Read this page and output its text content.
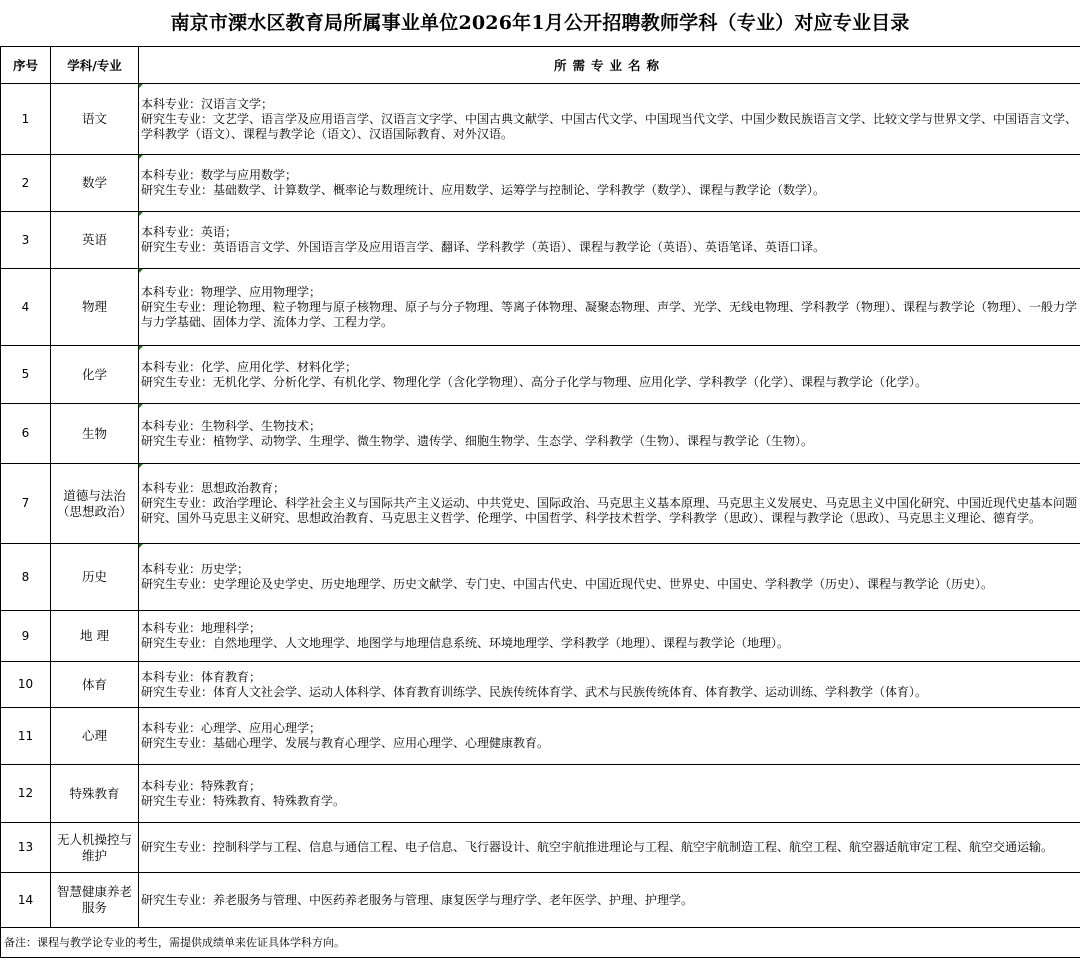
南京市溧水区教育局所属事业单位2026年1月公开招聘教师学科（专业）对应专业目录
序号	学科/专业	所需专业名称
1	语文	本科专业：汉语言文学；
研究生专业：文艺学、语言学及应用语言学、汉语言文字学、中国古典文献学、中国古代文学、中国现当代文学、中国少数民族语言文学、比较文学与世界文学、中国语言文学、学科教学（语文）、课程与教学论（语文）、汉语国际教育、对外汉语。

2	数学	本科专业：数学与应用数学；
研究生专业：基础数学、计算数学、概率论与数理统计、应用数学、运筹学与控制论、学科教学（数学）、课程与教学论（数学）。

3	英语	本科专业：英语；
研究生专业：英语语言文学、外国语言学及应用语言学、翻译、学科教学（英语）、课程与教学论（英语）、英语笔译、英语口译。

4	物理	本科专业：物理学、应用物理学；
研究生专业：理论物理、粒子物理与原子核物理、原子与分子物理、等离子体物理、凝聚态物理、声学、光学、无线电物理、学科教学（物理）、课程与教学论（物理）、一般力学与力学基础、固体力学、流体力学、工程力学。

5	化学	本科专业：化学、应用化学、材料化学；
研究生专业：无机化学、分析化学、有机化学、物理化学（含化学物理）、高分子化学与物理、应用化学、学科教学（化学）、课程与教学论（化学）。

6	生物	本科专业：生物科学、生物技术；
研究生专业：植物学、动物学、生理学、微生物学、遗传学、细胞生物学、生态学、学科教学（生物）、课程与教学论（生物）。

7	道德与法治
（思想政治）	本科专业：思想政治教育；
研究生专业：政治学理论、科学社会主义与国际共产主义运动、中共党史、国际政治、马克思主义基本原理、马克思主义发展史、马克思主义中国化研究、中国近现代史基本问题研究、国外马克思主义研究、思想政治教育、马克思主义哲学、伦理学、中国哲学、科学技术哲学、学科教学（思政）、课程与教学论（思政）、马克思主义理论、德育学。

8	历史	本科专业：历史学；
研究生专业：史学理论及史学史、历史地理学、历史文献学、专门史、中国古代史、中国近现代史、世界史、中国史、学科教学（历史）、课程与教学论（历史）。

9	地 理	本科专业：地理科学；
研究生专业：自然地理学、人文地理学、地图学与地理信息系统、环境地理学、学科教学（地理）、课程与教学论（地理）。

10	体育	本科专业：体育教育；
研究生专业：体育人文社会学、运动人体科学、体育教育训练学、民族传统体育学、武术与民族传统体育、体育教学、运动训练、学科教学（体育）。

11	心理	本科专业：心理学、应用心理学；
研究生专业：基础心理学、发展与教育心理学、应用心理学、心理健康教育。

12	特殊教育	本科专业：特殊教育；
研究生专业：特殊教育、特殊教育学。

13	无人机操控与
维护	研究生专业：控制科学与工程、信息与通信工程、电子信息、飞行器设计、航空宇航推进理论与工程、航空宇航制造工程、航空工程、航空器适航审定工程、航空交通运输。

14	智慧健康养老
服务	研究生专业：养老服务与管理、中医药养老服务与管理、康复医学与理疗学、老年医学、护理、护理学。

备注：课程与教学论专业的考生，需提供成绩单来佐证具体学科方向。		
